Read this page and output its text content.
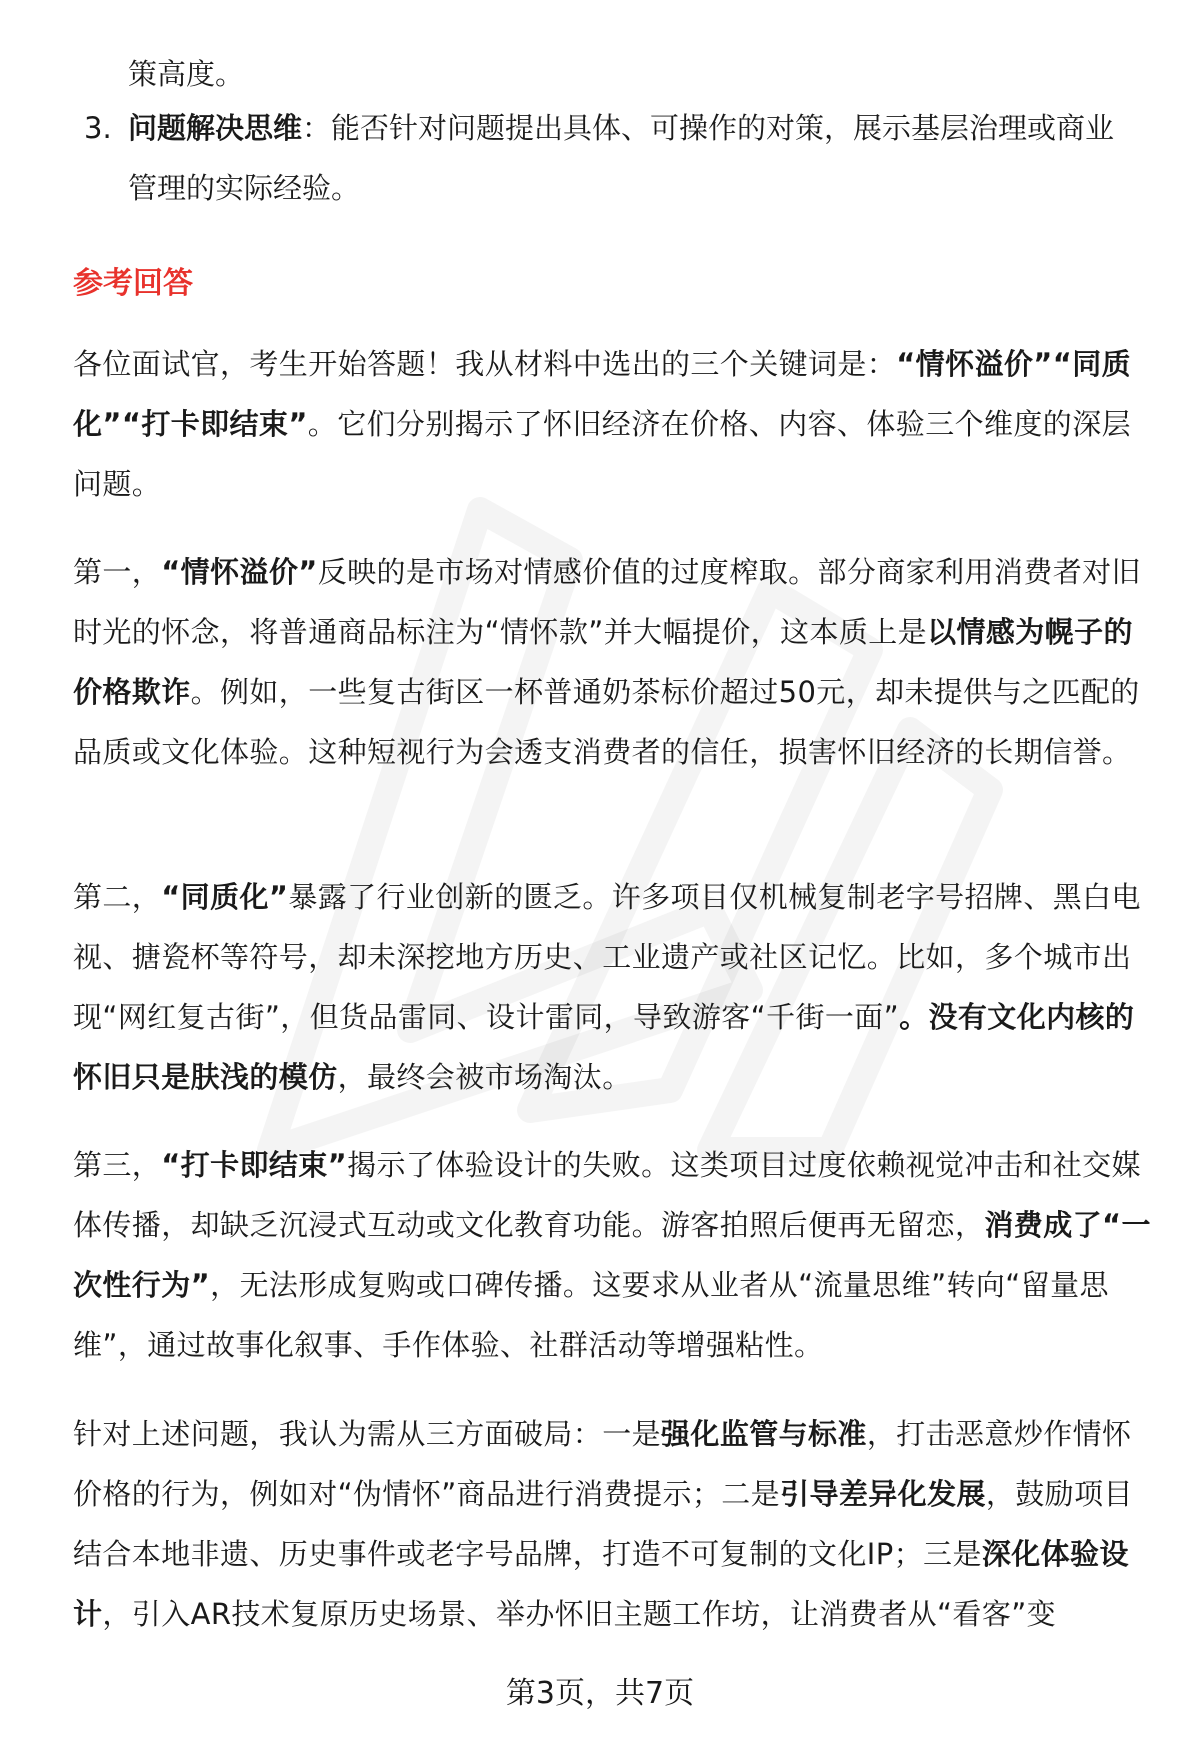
策高度。
3. 问题解决思维：能否针对问题提出具体、可操作的对策，展示基层治理或商业
管理的实际经验。
参考回答
各位面试官，考生开始答题！我从材料中选出的三个关键词是：“情怀溢价”“同质化”“打卡即结束”。它们分别揭示了怀旧经济在价格、内容、体验三个维度的深层问题。
第一，“情怀溢价”反映的是市场对情感价值的过度榨取。部分商家利用消费者对旧时光的怀念，将普通商品标注为“情怀款”并大幅提价，这本质上是以情感为幌子的价格欺诈。例如，一些复古街区一杯普通奶茶标价超过50元，却未提供与之匹配的品质或文化体验。这种短视行为会透支消费者的信任，损害怀旧经济的长期信誉。
第二，“同质化”暴露了行业创新的匮乏。许多项目仅机械复制老字号招牌、黑白电视、搪瓷杯等符号，却未深挖地方历史、工业遗产或社区记忆。比如，多个城市出现“网红复古街”，但货品雷同、设计雷同，导致游客“千街一面”。没有文化内核的怀旧只是肤浅的模仿，最终会被市场淘汰。
第三，“打卡即结束”揭示了体验设计的失败。这类项目过度依赖视觉冲击和社交媒体传播，却缺乏沉浸式互动或文化教育功能。游客拍照后便再无留恋，消费成了“一次性行为”，无法形成复购或口碑传播。这要求从业者从“流量思维”转向“留量思维”，通过故事化叙事、手作体验、社群活动等增强粘性。
针对上述问题，我认为需从三方面破局：一是强化监管与标准，打击恶意炒作情怀价格的行为，例如对“伪情怀”商品进行消费提示；二是引导差异化发展，鼓励项目结合本地非遗、历史事件或老字号品牌，打造不可复制的文化IP；三是深化体验设计，引入AR技术复原历史场景、举办怀旧主题工作坊，让消费者从“看客”变
第3页，共7页
